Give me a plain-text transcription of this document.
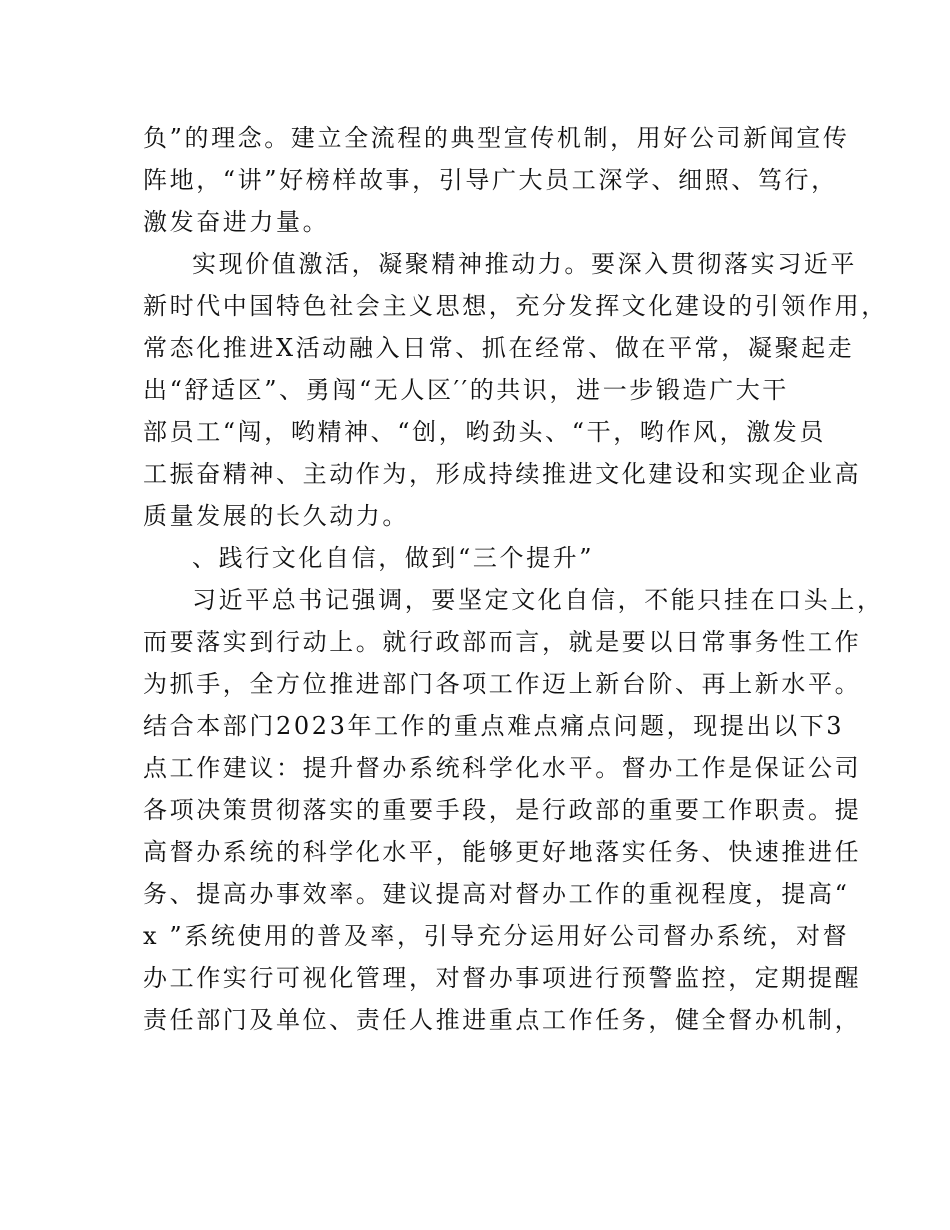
负”的理念。建立全流程的典型宣传机制，用好公司新闻宣传
阵地，“讲”好榜样故事，引导广大员工深学、细照、笃行，
激发奋进力量。
实现价值激活，凝聚精神推动力。要深入贯彻落实习近平
新时代中国特色社会主义思想，充分发挥文化建设的引领作用，
常态化推进X活动融入日常、抓在经常、做在平常，凝聚起走
出“舒适区”、勇闯“无人区′′的共识，进一步锻造广大干
部员工“闯，哟精神、“创，哟劲头、“干，哟作风，激发员
工振奋精神、主动作为，形成持续推进文化建设和实现企业高
质量发展的长久动力。
、践行文化自信，做到“三个提升”
习近平总书记强调，要坚定文化自信，不能只挂在口头上，
而要落实到行动上。就行政部而言，就是要以日常事务性工作
为抓手，全方位推进部门各项工作迈上新台阶、再上新水平。
结合本部门2023年工作的重点难点痛点问题，现提出以下3
点工作建议：提升督办系统科学化水平。督办工作是保证公司
各项决策贯彻落实的重要手段，是行政部的重要工作职责。提
高督办系统的科学化水平，能够更好地落实任务、快速推进任
务、提高办事效率。建议提高对督办工作的重视程度，提高“
x ”系统使用的普及率，引导充分运用好公司督办系统，对督
办工作实行可视化管理，对督办事项进行预警监控，定期提醒
责任部门及单位、责任人推进重点工作任务，健全督办机制，
